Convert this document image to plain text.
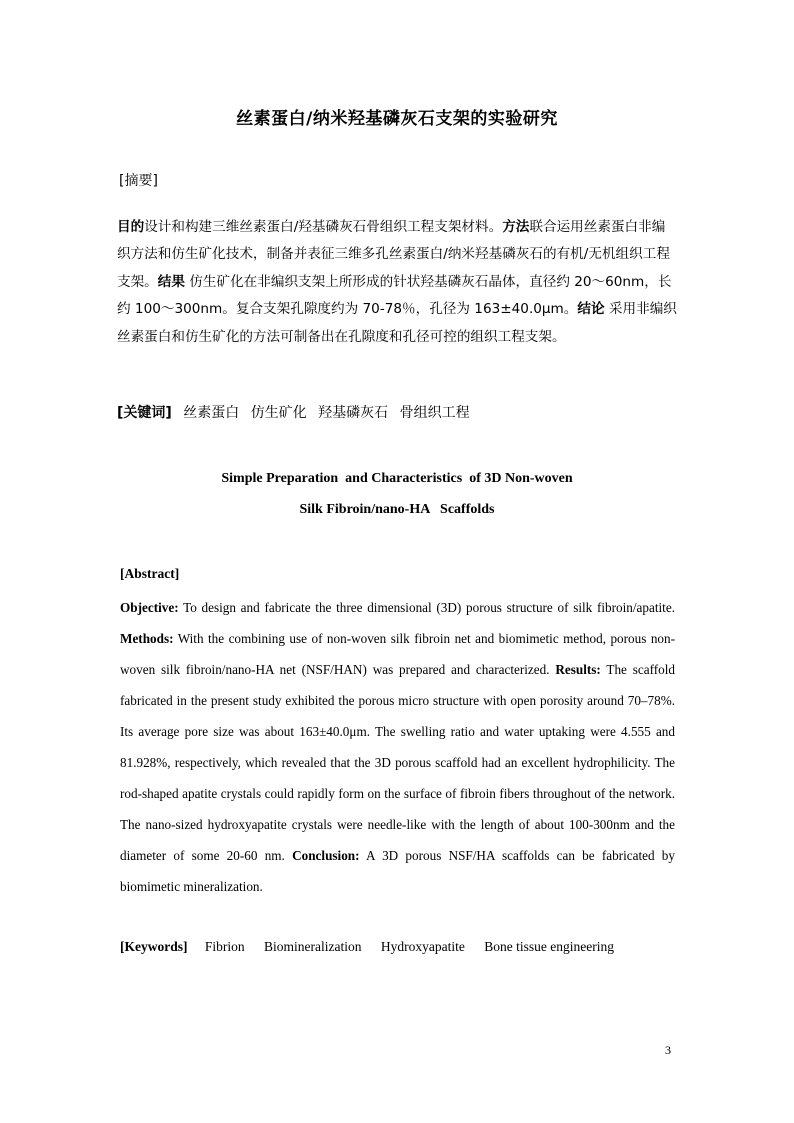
丝素蛋白/纳米羟基磷灰石支架的实验研究
[摘要]
目的设计和构建三维丝素蛋白/羟基磷灰石骨组织工程支架材料。方法联合运用丝素蛋白非编织方法和仿生矿化技术，制备并表征三维多孔丝素蛋白/纳米羟基磷灰石的有机/无机组织工程支架。结果 仿生矿化在非编织支架上所形成的针状羟基磷灰石晶体，直径约 20～60nm，长约 100～300nm。复合支架孔隙度约为 70-78％，孔径为 163±40.0μm。结论 采用非编织丝素蛋白和仿生矿化的方法可制备出在孔隙度和孔径可控的组织工程支架。
[关键词] 丝素蛋白 仿生矿化 羟基磷灰石 骨组织工程
Simple Preparation  and Characteristics  of 3D Non-woven
Silk Fibroin/nano-HA   Scaffolds
[Abstract]
Objective: To design and fabricate the three dimensional (3D) porous structure of silk fibroin/apatite. Methods: With the combining use of non-woven silk fibroin net and biomimetic method, porous non-woven silk fibroin/nano-HA net (NSF/HAN) was prepared and characterized. Results: The scaffold fabricated in the present study exhibited the porous micro structure with open porosity around 70–78%. Its average pore size was about 163±40.0μm. The swelling ratio and water uptaking were 4.555 and 81.928%, respectively, which revealed that the 3D porous scaffold had an excellent hydrophilicity. The rod-shaped apatite crystals could rapidly form on the surface of fibroin fibers throughout of the network. The nano-sized hydroxyapatite crystals were needle-like with the length of about 100-300nm and the diameter of some 20-60 nm. Conclusion: A 3D porous NSF/HA scaffolds can be fabricated by biomimetic mineralization.
[Keywords] Fibrion Biomineralization Hydroxyapatite Bone tissue engineering
3
